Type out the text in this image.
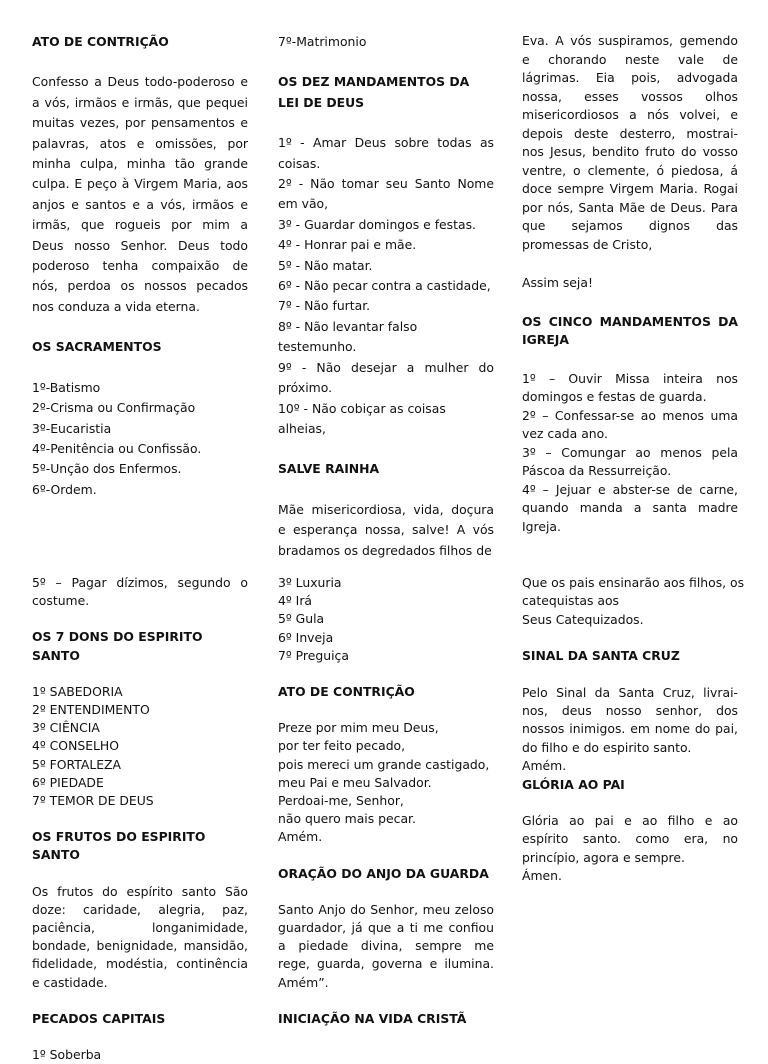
ATO DE CONTRIÇÃO

Confesso a Deus todo-poderoso e a vós, irmãos e irmãs, que pequei muitas vezes, por pensamentos e palavras, atos e omissões, por minha culpa, minha tão grande culpa. E peço à Virgem Maria, aos anjos e santos e a vós, irmãos e irmãs, que rogueis por mim a Deus nosso Senhor. Deus todo poderoso tenha compaixão de nós, perdoa os nossos pecados nos conduza a vida eterna.

OS SACRAMENTOS

1º-Batismo
2º-Crisma ou Confirmação
3º-Eucaristia
4º-Penitência ou Confissão.
5º-Unção dos Enfermos.
6º-Ordem.
7º-Matrimonio

OS DEZ MANDAMENTOS DA LEI DE DEUS

1º - Amar Deus sobre todas as coisas.

2º - Não tomar seu Santo Nome em vão,

3º - Guardar domingos e festas.

4º - Honrar pai e mãe.

5º - Não matar.

6º - Não pecar contra a castidade,

7º - Não furtar.

8º - Não levantar falso testemunho.

9º - Não desejar a mulher do próximo.

10º - Não cobiçar as coisas alheias,

SALVE RAINHA

Mãe misericordiosa, vida, doçura e esperança nossa, salve! A vós bradamos os degredados filhos de

Eva. A vós suspiramos, gemendo e chorando neste vale de lágrimas. Eia pois, advogada nossa, esses vossos olhos misericordiosos a nós volvei, e depois deste desterro, mostrai-nos Jesus, bendito fruto do vosso ventre, o clemente, ó piedosa, á doce sempre Virgem Maria. Rogai por nós, Santa Mãe de Deus. Para que sejamos dignos das promessas de Cristo,

Assim seja!

OS CINCO MANDAMENTOS DA IGREJA

1º – Ouvir Missa inteira nos domingos e festas de guarda.

2º – Confessar-se ao menos uma vez cada ano.

3º – Comungar ao menos pela Páscoa da Ressurreição.

4º – Jejuar e abster-se de carne, quando manda a santa madre Igreja.

5º – Pagar dízimos, segundo o costume.

OS 7 DONS DO ESPIRITO SANTO

1º SABEDORIA
2º ENTENDIMENTO
3º CIÊNCIA
4º CONSELHO
5º FORTALEZA
6º PIEDADE
7º TEMOR DE DEUS

OS FRUTOS DO ESPIRITO SANTO

Os frutos do espírito santo São doze: caridade, alegria, paz, paciência, longanimidade, bondade, benignidade, mansidão, fidelidade, modéstia, continência e castidade.

PECADOS CAPITAIS

1º Soberba
3º Luxuria
4º Irá
5º Gula
6º Inveja
7º Preguiça

ATO DE CONTRIÇÃO

Preze por mim meu Deus,
por ter feito pecado,
pois mereci um grande castigado,
meu Pai e meu Salvador.
Perdoai-me, Senhor,
não quero mais pecar.
Amém.

ORAÇÃO DO ANJO DA GUARDA

Santo Anjo do Senhor, meu zeloso guardador, já que a ti me confiou a piedade divina, sempre me rege, guarda, governa e ilumina. Amém”.

INICIAÇÃO NA VIDA CRISTÃ

Que os pais ensinarão aos filhos, os
catequistas aos
Seus Catequizados.

SINAL DA SANTA CRUZ

Pelo Sinal da Santa Cruz, livrai-nos, deus nosso senhor, dos nossos inimigos. em nome do pai, do filho e do espirito santo.

Amém.

GLÓRIA AO PAI

Glória ao pai e ao filho e ao espírito santo. como era, no princípio, agora e sempre.

Ámen.
